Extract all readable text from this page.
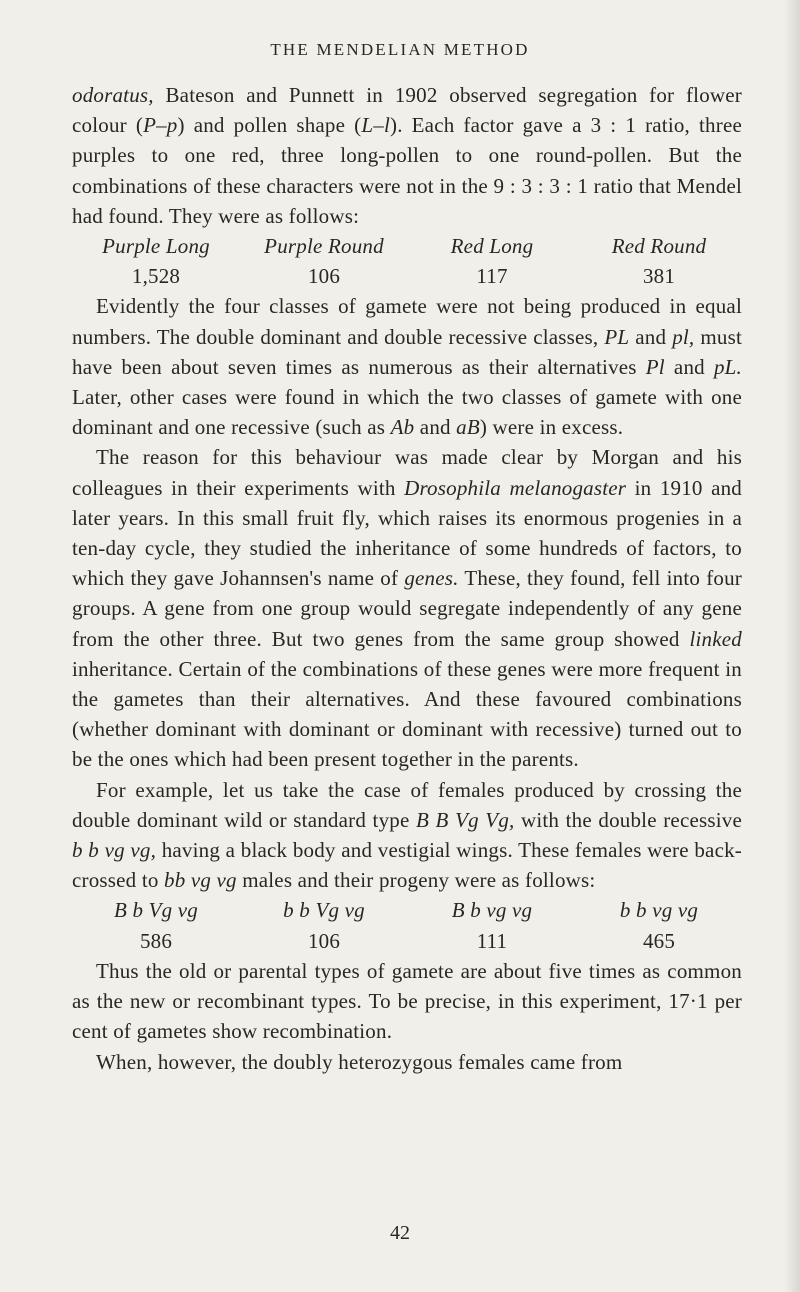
THE MENDELIAN METHOD

odoratus, Bateson and Punnett in 1902 observed segregation for flower colour (P–p) and pollen shape (L–l). Each factor gave a 3 : 1 ratio, three purples to one red, three long-pollen to one round-pollen. But the combinations of these characters were not in the 9 : 3 : 3 : 1 ratio that Mendel had found. They were as follows:

Purple Long	Purple Round	Red Long	Red Round
1,528	106	117	381

Evidently the four classes of gamete were not being produced in equal numbers. The double dominant and double recessive classes, PL and pl, must have been about seven times as numerous as their alternatives Pl and pL. Later, other cases were found in which the two classes of gamete with one dominant and one recessive (such as Ab and aB) were in excess.

The reason for this behaviour was made clear by Morgan and his colleagues in their experiments with Drosophila melanogaster in 1910 and later years. In this small fruit fly, which raises its enormous progenies in a ten-day cycle, they studied the inheritance of some hundreds of factors, to which they gave Johannsen's name of genes. These, they found, fell into four groups. A gene from one group would segregate independently of any gene from the other three. But two genes from the same group showed linked inheritance. Certain of the combinations of these genes were more frequent in the gametes than their alternatives. And these favoured combinations (whether dominant with dominant or dominant with recessive) turned out to be the ones which had been present together in the parents.

For example, let us take the case of females produced by crossing the double dominant wild or standard type B B Vg Vg, with the double recessive b b vg vg, having a black body and vestigial wings. These females were back-crossed to bb vg vg males and their progeny were as follows:

B b Vg vg	b b Vg vg	B b vg vg	b b vg vg
586	106	111	465

Thus the old or parental types of gamete are about five times as common as the new or recombinant types. To be precise, in this experiment, 17·1 per cent of gametes show recombination.

When, however, the doubly heterozygous females came from

42
